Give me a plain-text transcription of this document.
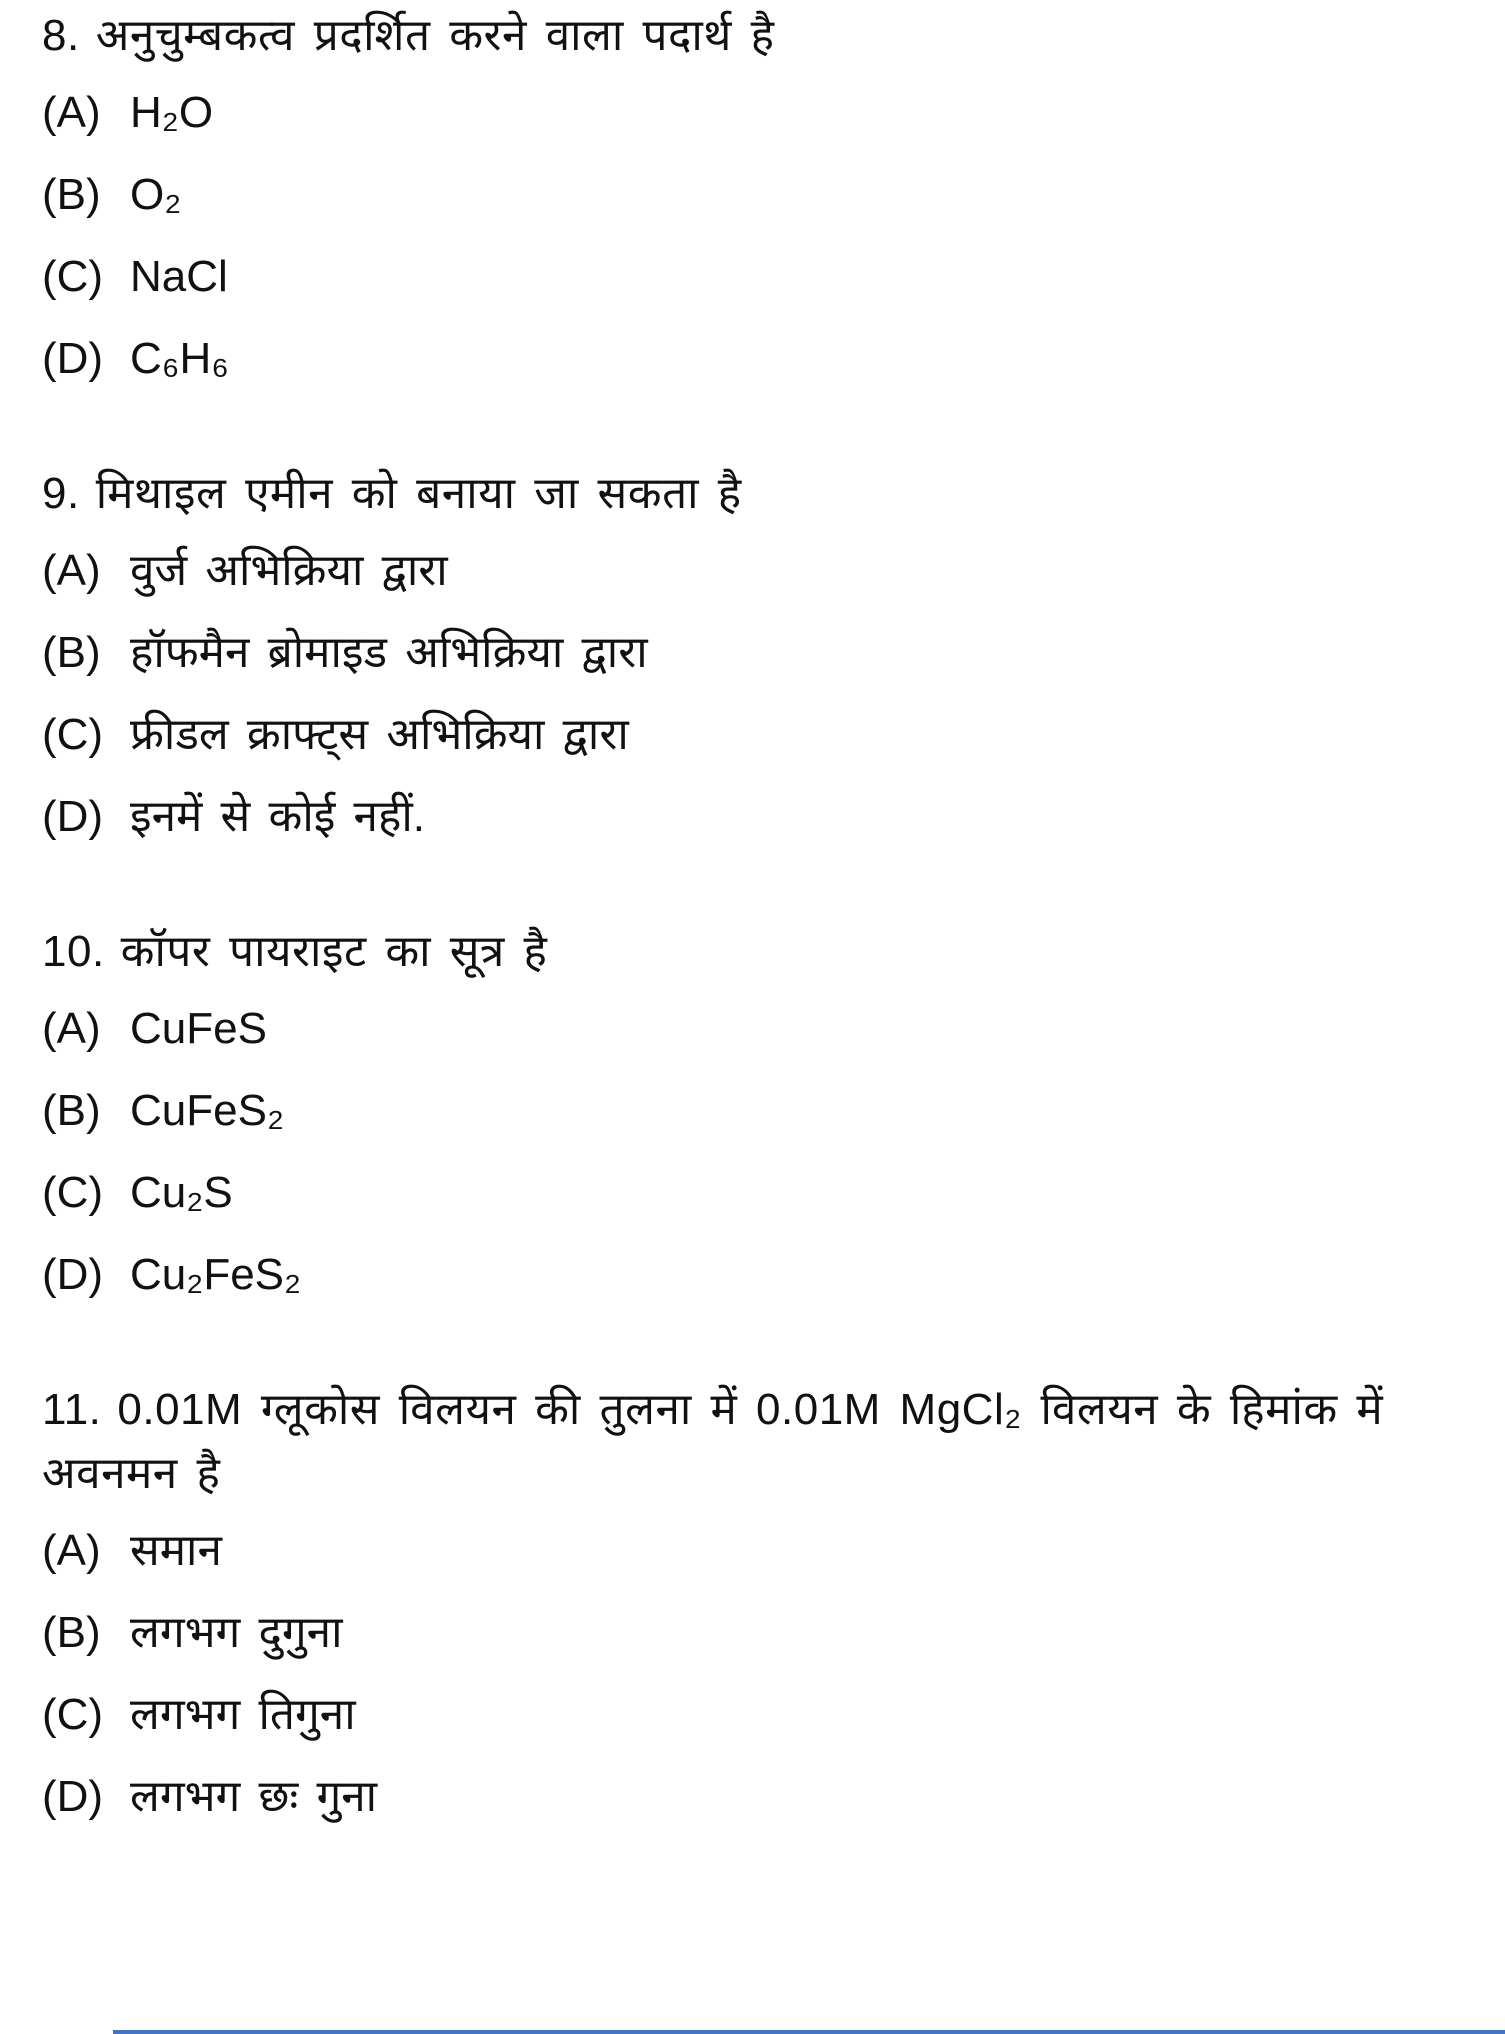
8. अनुचुम्बकत्व प्रदर्शित करने वाला पदार्थ है

(A) H₂O

(B) O₂

(C) NaCl

(D) C₆H₆

9. मिथाइल एमीन को बनाया जा सकता है

(A) वुर्ज अभिक्रिया द्वारा

(B) हॉफमैन ब्रोमाइड अभिक्रिया द्वारा

(C) फ्रीडल क्राफ्ट्स अभिक्रिया द्वारा

(D) इनमें से कोई नहीं.

10. कॉपर पायराइट का सूत्र है

(A) CuFeS

(B) CuFeS₂

(C) Cu₂S

(D) Cu₂FeS₂

11. 0.01M ग्लूकोस विलयन की तुलना में 0.01M MgCl₂ विलयन के हिमांक में अवनमन है

(A) समान

(B) लगभग दुगुना

(C) लगभग तिगुना

(D) लगभग छः गुना
